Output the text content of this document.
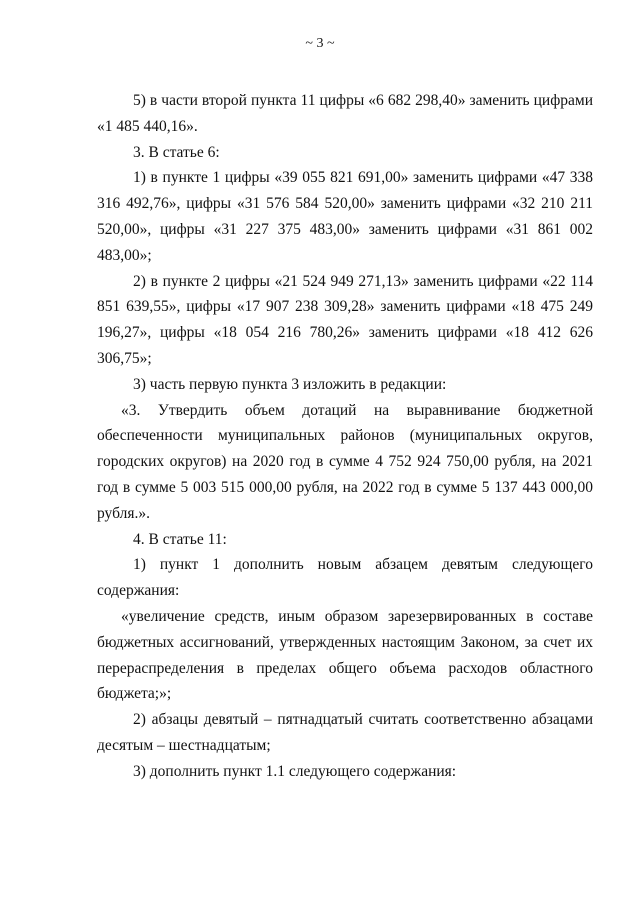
~ 3 ~

5) в части второй пункта 11 цифры «6 682 298,40» заменить цифрами «1 485 440,16».

3. В статье 6:

1) в пункте 1 цифры «39 055 821 691,00» заменить цифрами «47 338 316 492,76», цифры «31 576 584 520,00» заменить цифрами «32 210 211 520,00», цифры «31 227 375 483,00» заменить цифрами «31 861 002 483,00»;

2) в пункте 2 цифры «21 524 949 271,13» заменить цифрами «22 114 851 639,55», цифры «17 907 238 309,28» заменить цифрами «18 475 249 196,27», цифры «18 054 216 780,26» заменить цифрами «18 412 626 306,75»;

3) часть первую пункта 3 изложить в редакции:

«3. Утвердить объем дотаций на выравнивание бюджетной обеспеченности муниципальных районов (муниципальных округов, городских округов) на 2020 год в сумме 4 752 924 750,00 рубля, на 2021 год в сумме 5 003 515 000,00 рубля, на 2022 год в сумме 5 137 443 000,00 рубля.».

4. В статье 11:

1) пункт 1 дополнить новым абзацем девятым следующего содержания:

«увеличение средств, иным образом зарезервированных в составе бюджетных ассигнований, утвержденных настоящим Законом, за счет их перераспределения в пределах общего объема расходов областного бюджета;»;

2) абзацы девятый – пятнадцатый считать соответственно абзацами десятым – шестнадцатым;

3) дополнить пункт 1.1 следующего содержания:
